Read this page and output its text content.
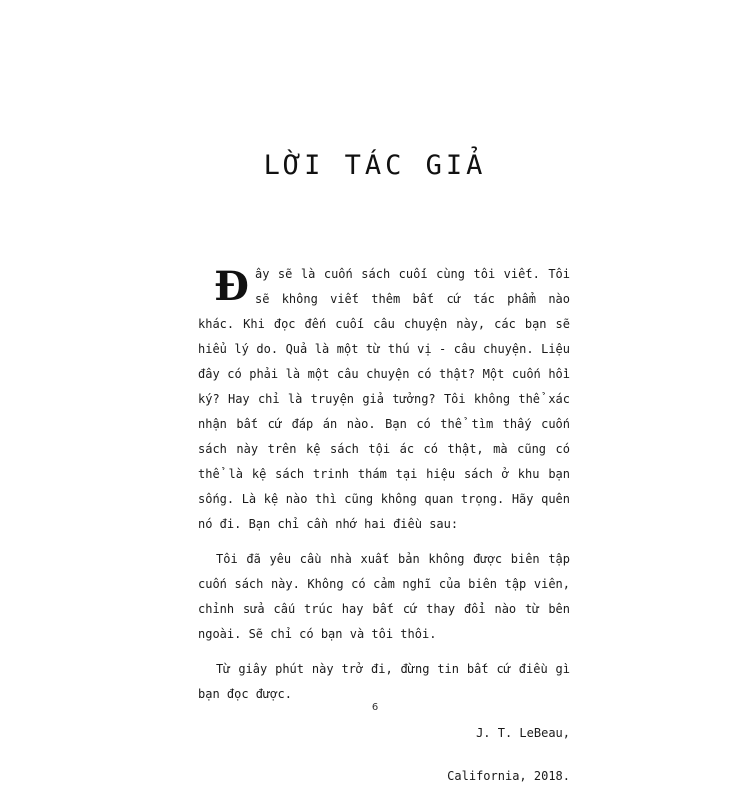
LỜI TÁC GIẢ

Đây sẽ là cuốn sách cuối cùng tôi viết. Tôi sẽ không viết thêm bất cứ tác phẩm nào khác. Khi đọc đến cuối câu chuyện này, các bạn sẽ hiểu lý do. Quả là một từ thú vị - câu chuyện. Liệu đây có phải là một câu chuyện có thật? Một cuốn hồi ký? Hay chỉ là truyện giả tưởng? Tôi không thể xác nhận bất cứ đáp án nào. Bạn có thể tìm thấy cuốn sách này trên kệ sách tội ác có thật, mà cũng có thể là kệ sách trinh thám tại hiệu sách ở khu bạn sống. Là kệ nào thì cũng không quan trọng. Hãy quên nó đi. Bạn chỉ cần nhớ hai điều sau:

Tôi đã yêu cầu nhà xuất bản không được biên tập cuốn sách này. Không có cảm nghĩ của biên tập viên, chỉnh sửa cấu trúc hay bất cứ thay đổi nào từ bên ngoài. Sẽ chỉ có bạn và tôi thôi.

Từ giây phút này trở đi, đừng tin bất cứ điều gì bạn đọc được.

J. T. LeBeau,

California, 2018.

6
